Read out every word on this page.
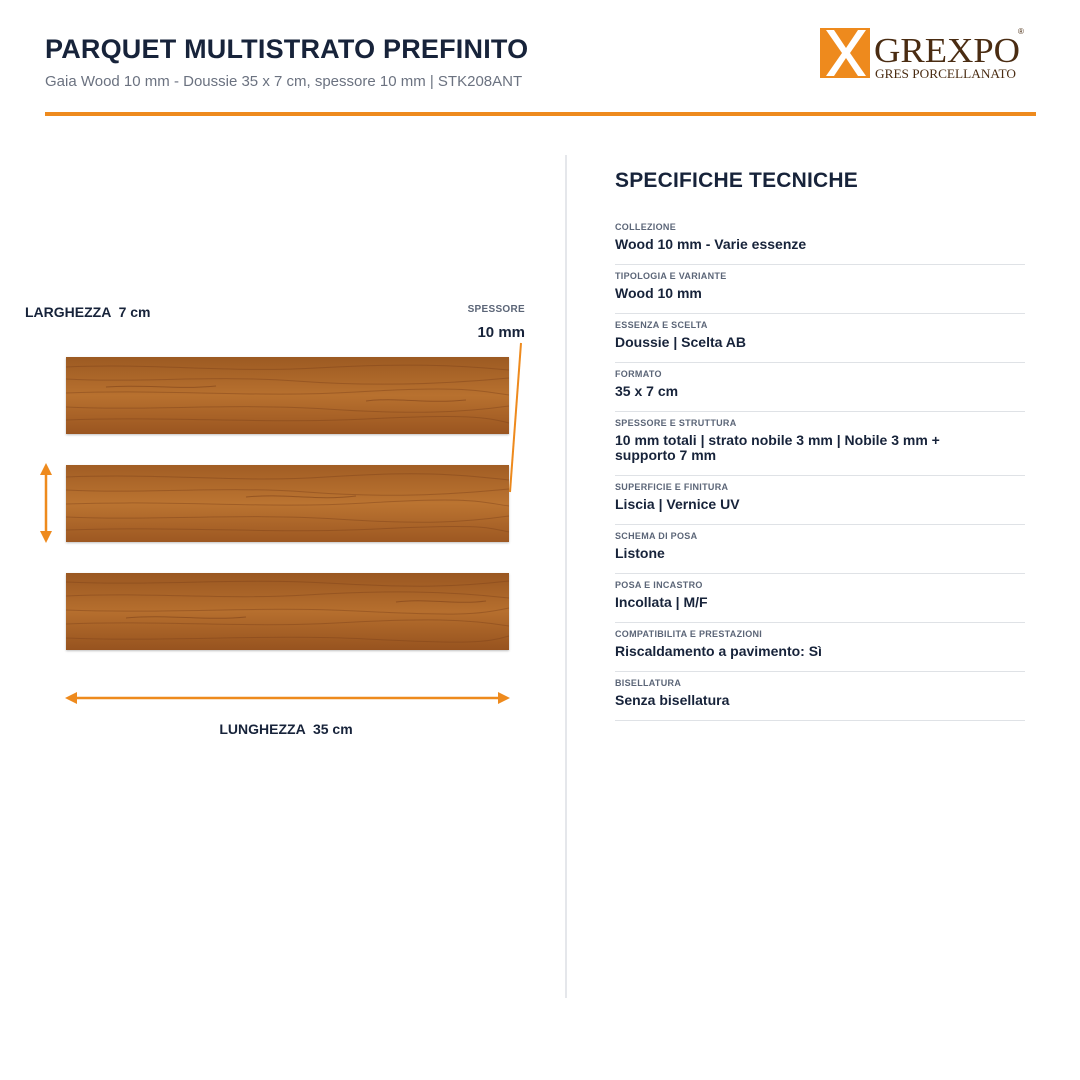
PARQUET MULTISTRATO PREFINITO
Gaia Wood 10 mm - Doussie 35 x 7 cm, spessore 10 mm | STK208ANT
GREXPO
®
GRES PORCELLANATO
LARGHEZZA  7 cm	SPESSORE
10 mm
LUNGHEZZA  35 cm
SPECIFICHE TECNICHE
COLLEZIONE
Wood 10 mm - Varie essenze
TIPOLOGIA E VARIANTE
Wood 10 mm
ESSENZA E SCELTA
Doussie | Scelta AB
FORMATO
35 x 7 cm
SPESSORE E STRUTTURA
10 mm totali | strato nobile 3 mm | Nobile 3 mm + supporto 7 mm
SUPERFICIE E FINITURA
Liscia | Vernice UV
SCHEMA DI POSA
Listone
POSA E INCASTRO
Incollata | M/F
COMPATIBILITA E PRESTAZIONI
Riscaldamento a pavimento: Sì
BISELLATURA
Senza bisellatura
